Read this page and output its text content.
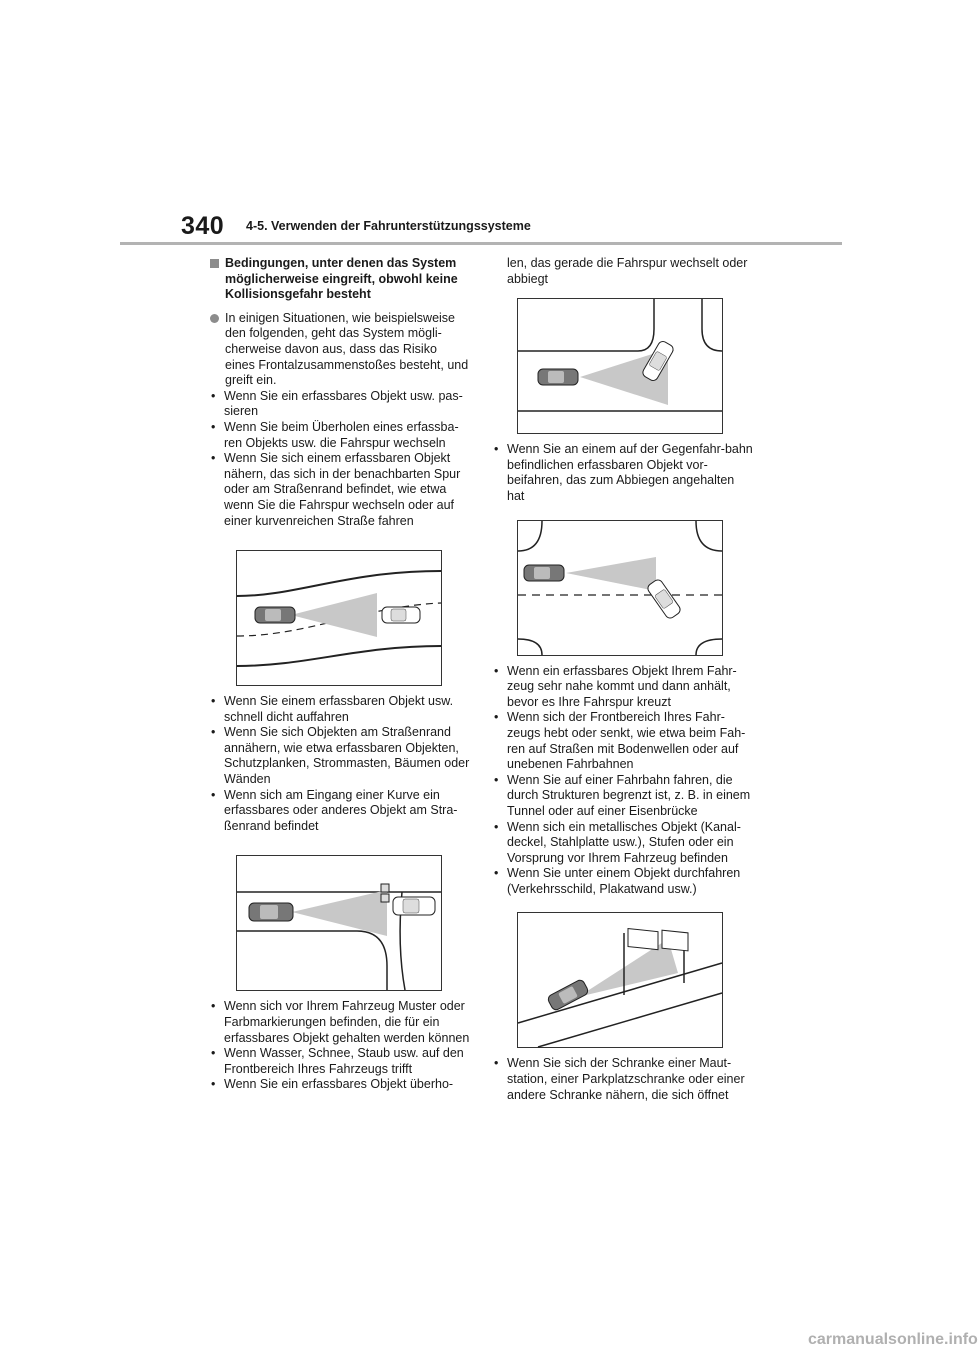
340 4-5. Verwenden der Fahrunterstützungssysteme
Bedingungen, unter denen das System möglicherweise eingreift, obwohl keine Kollisionsgefahr besteht
In einigen Situationen, wie beispielsweise den folgenden, geht das System mögli-cherweise davon aus, dass das Risiko eines Frontalzusammenstoßes besteht, und greift ein.
• Wenn Sie ein erfassbares Objekt usw. pas-sieren
• Wenn Sie beim Überholen eines erfassba-ren Objekts usw. die Fahrspur wechseln
• Wenn Sie sich einem erfassbaren Objekt nähern, das sich in der benachbarten Spur oder am Straßenrand befindet, wie etwa wenn Sie die Fahrspur wechseln oder auf einer kurvenreichen Straße fahren
• Wenn Sie einem erfassbaren Objekt usw. schnell dicht auffahren
• Wenn Sie sich Objekten am Straßenrand annähern, wie etwa erfassbaren Objekten, Schutzplanken, Strommasten, Bäumen oder Wänden
• Wenn sich am Eingang einer Kurve ein erfassbares oder anderes Objekt am Stra-ßenrand befindet
• Wenn sich vor Ihrem Fahrzeug Muster oder Farbmarkierungen befinden, die für ein erfassbares Objekt gehalten werden können
• Wenn Wasser, Schnee, Staub usw. auf den Frontbereich Ihres Fahrzeugs trifft
• Wenn Sie ein erfassbares Objekt überho-
len, das gerade die Fahrspur wechselt oder abbiegt
• Wenn Sie an einem auf der Gegenfahr-bahn befindlichen erfassbaren Objekt vor-beifahren, das zum Abbiegen angehalten hat
• Wenn ein erfassbares Objekt Ihrem Fahr-zeug sehr nahe kommt und dann anhält, bevor es Ihre Fahrspur kreuzt
• Wenn sich der Frontbereich Ihres Fahr-zeugs hebt oder senkt, wie etwa beim Fah-ren auf Straßen mit Bodenwellen oder auf unebenen Fahrbahnen
• Wenn Sie auf einer Fahrbahn fahren, die durch Strukturen begrenzt ist, z. B. in einem Tunnel oder auf einer Eisenbrücke
• Wenn sich ein metallisches Objekt (Kanal-deckel, Stahlplatte usw.), Stufen oder ein Vorsprung vor Ihrem Fahrzeug befinden
• Wenn Sie unter einem Objekt durchfahren (Verkehrsschild, Plakatwand usw.)
• Wenn Sie sich der Schranke einer Maut-station, einer Parkplatzschranke oder einer andere Schranke nähern, die sich öffnet
carmanualsonline.info
